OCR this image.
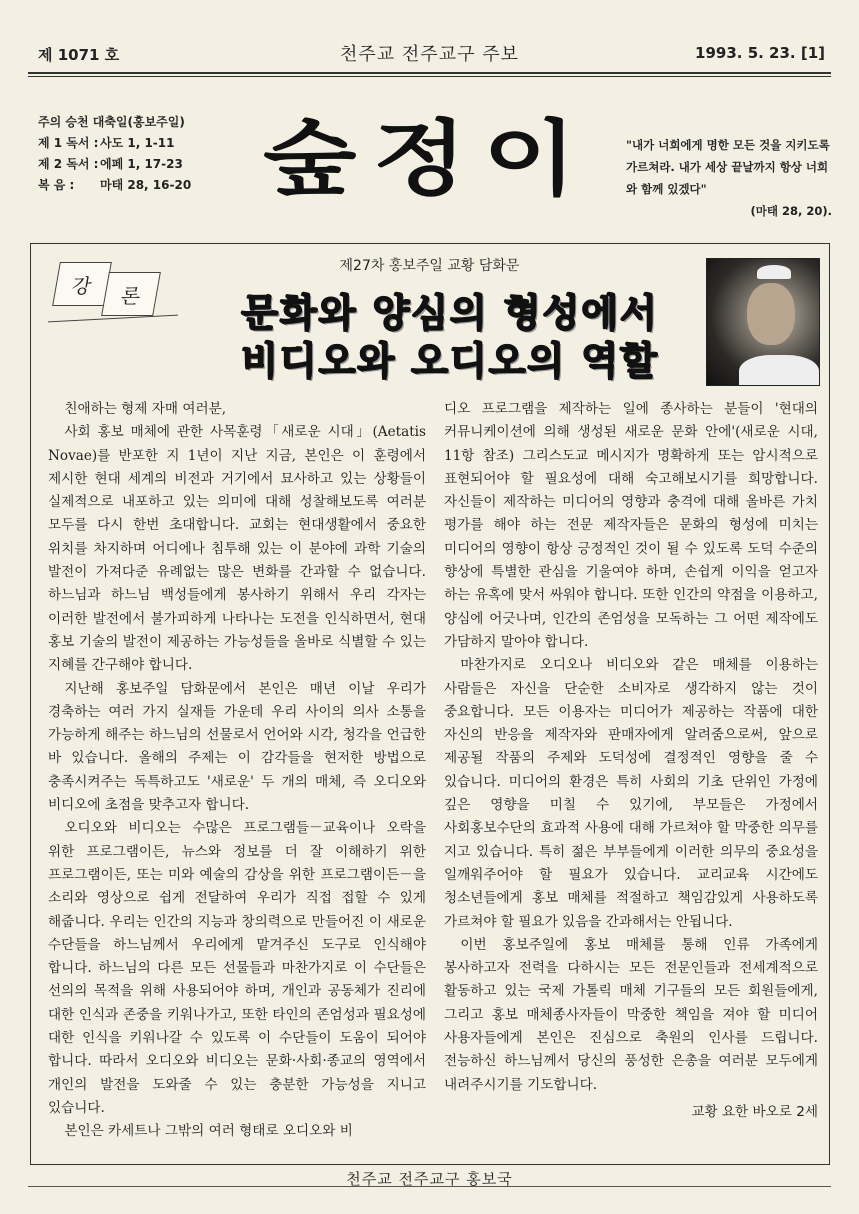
제 1071 호	천주교 전주교구 주보	1993. 5. 23. [1]
주의 승천 대축일(홍보주일)
제 1 독서 : 사도 1, 1-11
제 2 독서 : 에페 1, 17-23
복 음 : 마태 28, 16-20 숲정이	"내가 너희에게 명한 모든 것을 지키도록 가르쳐라. 내가 세상 끝날까지 항상 너희와 함께 있겠다"
(마태 28, 20).
제27차 홍보주일 교황 담화문
강	론	문화와 양심의 형성에서
비디오와 오디오의 역할

친애하는 형제 자매 여러분,

사회 홍보 매체에 관한 사목훈령「새로운 시대」(Aetatis Novae)를 반포한 지 1년이 지난 지금, 본인은 이 훈령에서 제시한 현대 세계의 비전과 거기에서 묘사하고 있는 상황들이 실제적으로 내포하고 있는 의미에 대해 성찰해보도록 여러분 모두를 다시 한번 초대합니다. 교회는 현대생활에서 중요한 위치를 차지하며 어디에나 침투해 있는 이 분야에 과학 기술의 발전이 가져다준 유례없는 많은 변화를 간과할 수 없습니다. 하느님과 하느님 백성들에게 봉사하기 위해서 우리 각자는 이러한 발전에서 불가피하게 나타나는 도전을 인식하면서, 현대 홍보 기술의 발전이 제공하는 가능성들을 올바로 식별할 수 있는 지혜를 간구해야 합니다.

지난해 홍보주일 담화문에서 본인은 매년 이날 우리가 경축하는 여러 가지 실재들 가운데 우리 사이의 의사 소통을 가능하게 해주는 하느님의 선물로서 언어와 시각, 청각을 언급한 바 있습니다. 올해의 주제는 이 감각들을 현저한 방법으로 충족시켜주는 독특하고도 '새로운' 두 개의 매체, 즉 오디오와 비디오에 초점을 맞추고자 합니다.

오디오와 비디오는 수많은 프로그램들－교육이나 오락을 위한 프로그램이든, 뉴스와 정보를 더 잘 이해하기 위한 프로그램이든, 또는 미와 예술의 감상을 위한 프로그램이든－을 소리와 영상으로 쉽게 전달하여 우리가 직접 접할 수 있게 해줍니다. 우리는 인간의 지능과 창의력으로 만들어진 이 새로운 수단들을 하느님께서 우리에게 맡겨주신 도구로 인식해야 합니다. 하느님의 다른 모든 선물들과 마찬가지로 이 수단들은 선의의 목적을 위해 사용되어야 하며, 개인과 공동체가 진리에 대한 인식과 존중을 키워나가고, 또한 타인의 존엄성과 필요성에 대한 인식을 키워나갈 수 있도록 이 수단들이 도움이 되어야 합니다. 따라서 오디오와 비디오는 문화·사회·종교의 영역에서 개인의 발전을 도와줄 수 있는 충분한 가능성을 지니고 있습니다.

본인은 카세트나 그밖의 여러 형태로 오디오와 비

디오 프로그램을 제작하는 일에 종사하는 분들이 '현대의 커뮤니케이션에 의해 생성된 새로운 문화 안에'(새로운 시대, 11항 참조) 그리스도교 메시지가 명확하게 또는 암시적으로 표현되어야 할 필요성에 대해 숙고해보시기를 희망합니다. 자신들이 제작하는 미디어의 영향과 충격에 대해 올바른 가치 평가를 해야 하는 전문 제작자들은 문화의 형성에 미치는 미디어의 영향이 항상 긍정적인 것이 될 수 있도록 도덕 수준의 향상에 특별한 관심을 기울여야 하며, 손쉽게 이익을 얻고자 하는 유혹에 맞서 싸워야 합니다. 또한 인간의 약점을 이용하고, 양심에 어긋나며, 인간의 존엄성을 모독하는 그 어떤 제작에도 가담하지 말아야 합니다.

마찬가지로 오디오나 비디오와 같은 매체를 이용하는 사람들은 자신을 단순한 소비자로 생각하지 않는 것이 중요합니다. 모든 이용자는 미디어가 제공하는 작품에 대한 자신의 반응을 제작자와 판매자에게 알려줌으로써, 앞으로 제공될 작품의 주제와 도덕성에 결정적인 영향을 줄 수 있습니다. 미디어의 환경은 특히 사회의 기초 단위인 가정에 깊은 영향을 미칠 수 있기에, 부모들은 가정에서 사회홍보수단의 효과적 사용에 대해 가르쳐야 할 막중한 의무를 지고 있습니다. 특히 젊은 부부들에게 이러한 의무의 중요성을 일깨워주어야 할 필요가 있습니다. 교리교육 시간에도 청소년들에게 홍보 매체를 적절하고 책임감있게 사용하도록 가르쳐야 할 필요가 있음을 간과해서는 안됩니다.

이번 홍보주일에 홍보 매체를 통해 인류 가족에게 봉사하고자 전력을 다하시는 모든 전문인들과 전세계적으로 활동하고 있는 국제 가톨릭 매체 기구들의 모든 회원들에게, 그리고 홍보 매체종사자들이 막중한 책임을 져야 할 미디어 사용자들에게 본인은 진심으로 축원의 인사를 드립니다. 전능하신 하느님께서 당신의 풍성한 은총을 여러분 모두에게 내려주시기를 기도합니다.

교황 요한 바오로 2세
천주교 전주교구 홍보국
